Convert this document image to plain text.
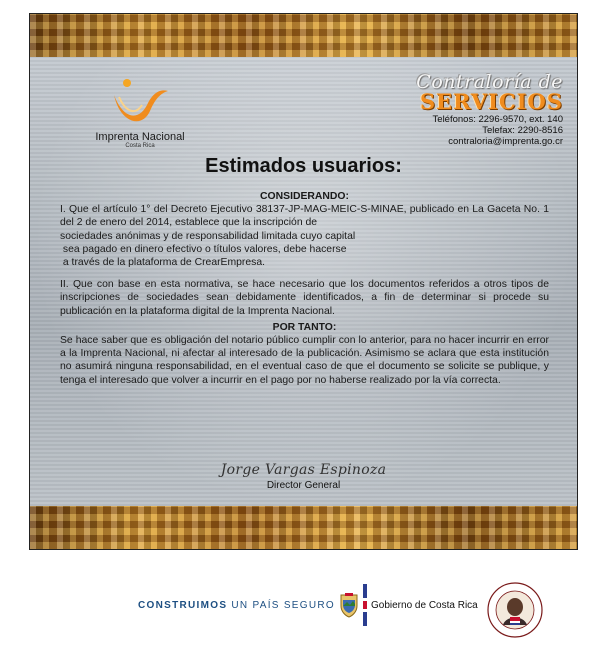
Imprenta Nacional
Costa Rica
Contraloría de
SERVICIOS
Teléfonos: 2296-9570, ext. 140
Telefax: 2290-8516
contraloria@imprenta.go.cr
Estimados usuarios:

CONSIDERANDO:

I. Que el artículo 1° del Decreto Ejecutivo 38137-JP-MAG-MEIC-S-MINAE, publicado en La Gaceta No. 1 del 2 de enero del 2014, establece que la inscripción de

sociedades anónimas y de responsabilidad limitada cuyo capital

sea pagado en dinero efectivo o títulos valores, debe hacerse

a través de la plataforma de CrearEmpresa.

II. Que con base en esta normativa, se hace necesario que los documentos referidos a otros tipos de inscripciones de sociedades sean debidamente identificados, a fin de determinar si procede su publicación en la plataforma digital de la Imprenta Nacional.

POR TANTO:

Se hace saber que es obligación del notario público cumplir con lo anterior, para no hacer incurrir en error a la Imprenta Nacional, ni afectar al interesado de la publicación. Asimismo se aclara que esta institución no asumirá ninguna responsabilidad, en el eventual caso de que el documento se solicite se publique, y tenga el interesado que volver a incurrir en el pago por no haberse realizado por la vía correcta.

Jorge Vargas Espinoza
Director General
CONSTRUIMOS UN PAÍS SEGURO	Gobierno de Costa Rica
